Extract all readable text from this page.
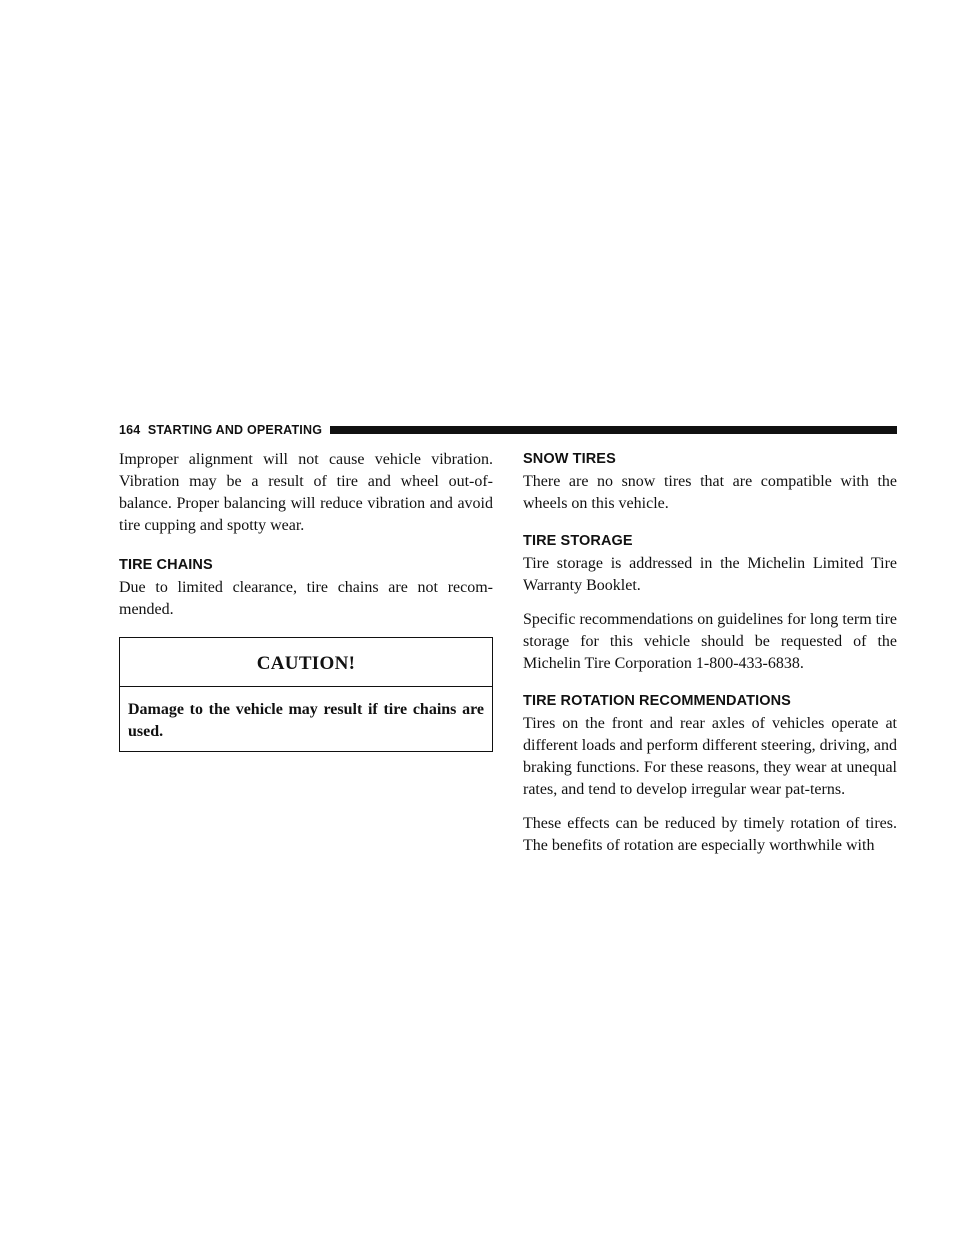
164 STARTING AND OPERATING

Improper alignment will not cause vehicle vibration. Vibration may be a result of tire and wheel out-of-balance. Proper balancing will reduce vibration and avoid tire cupping and spotty wear.

TIRE CHAINS

Due to limited clearance, tire chains are not recom-mended.

CAUTION!
Damage to the vehicle may result if tire chains are used.
SNOW TIRES

There are no snow tires that are compatible with the wheels on this vehicle.

TIRE STORAGE

Tire storage is addressed in the Michelin Limited Tire Warranty Booklet.

Specific recommendations on guidelines for long term tire storage for this vehicle should be requested of the Michelin Tire Corporation 1-800-433-6838.

TIRE ROTATION RECOMMENDATIONS

Tires on the front and rear axles of vehicles operate at different loads and perform different steering, driving, and braking functions. For these reasons, they wear at unequal rates, and tend to develop irregular wear pat-terns.

These effects can be reduced by timely rotation of tires. The benefits of rotation are especially worthwhile with
